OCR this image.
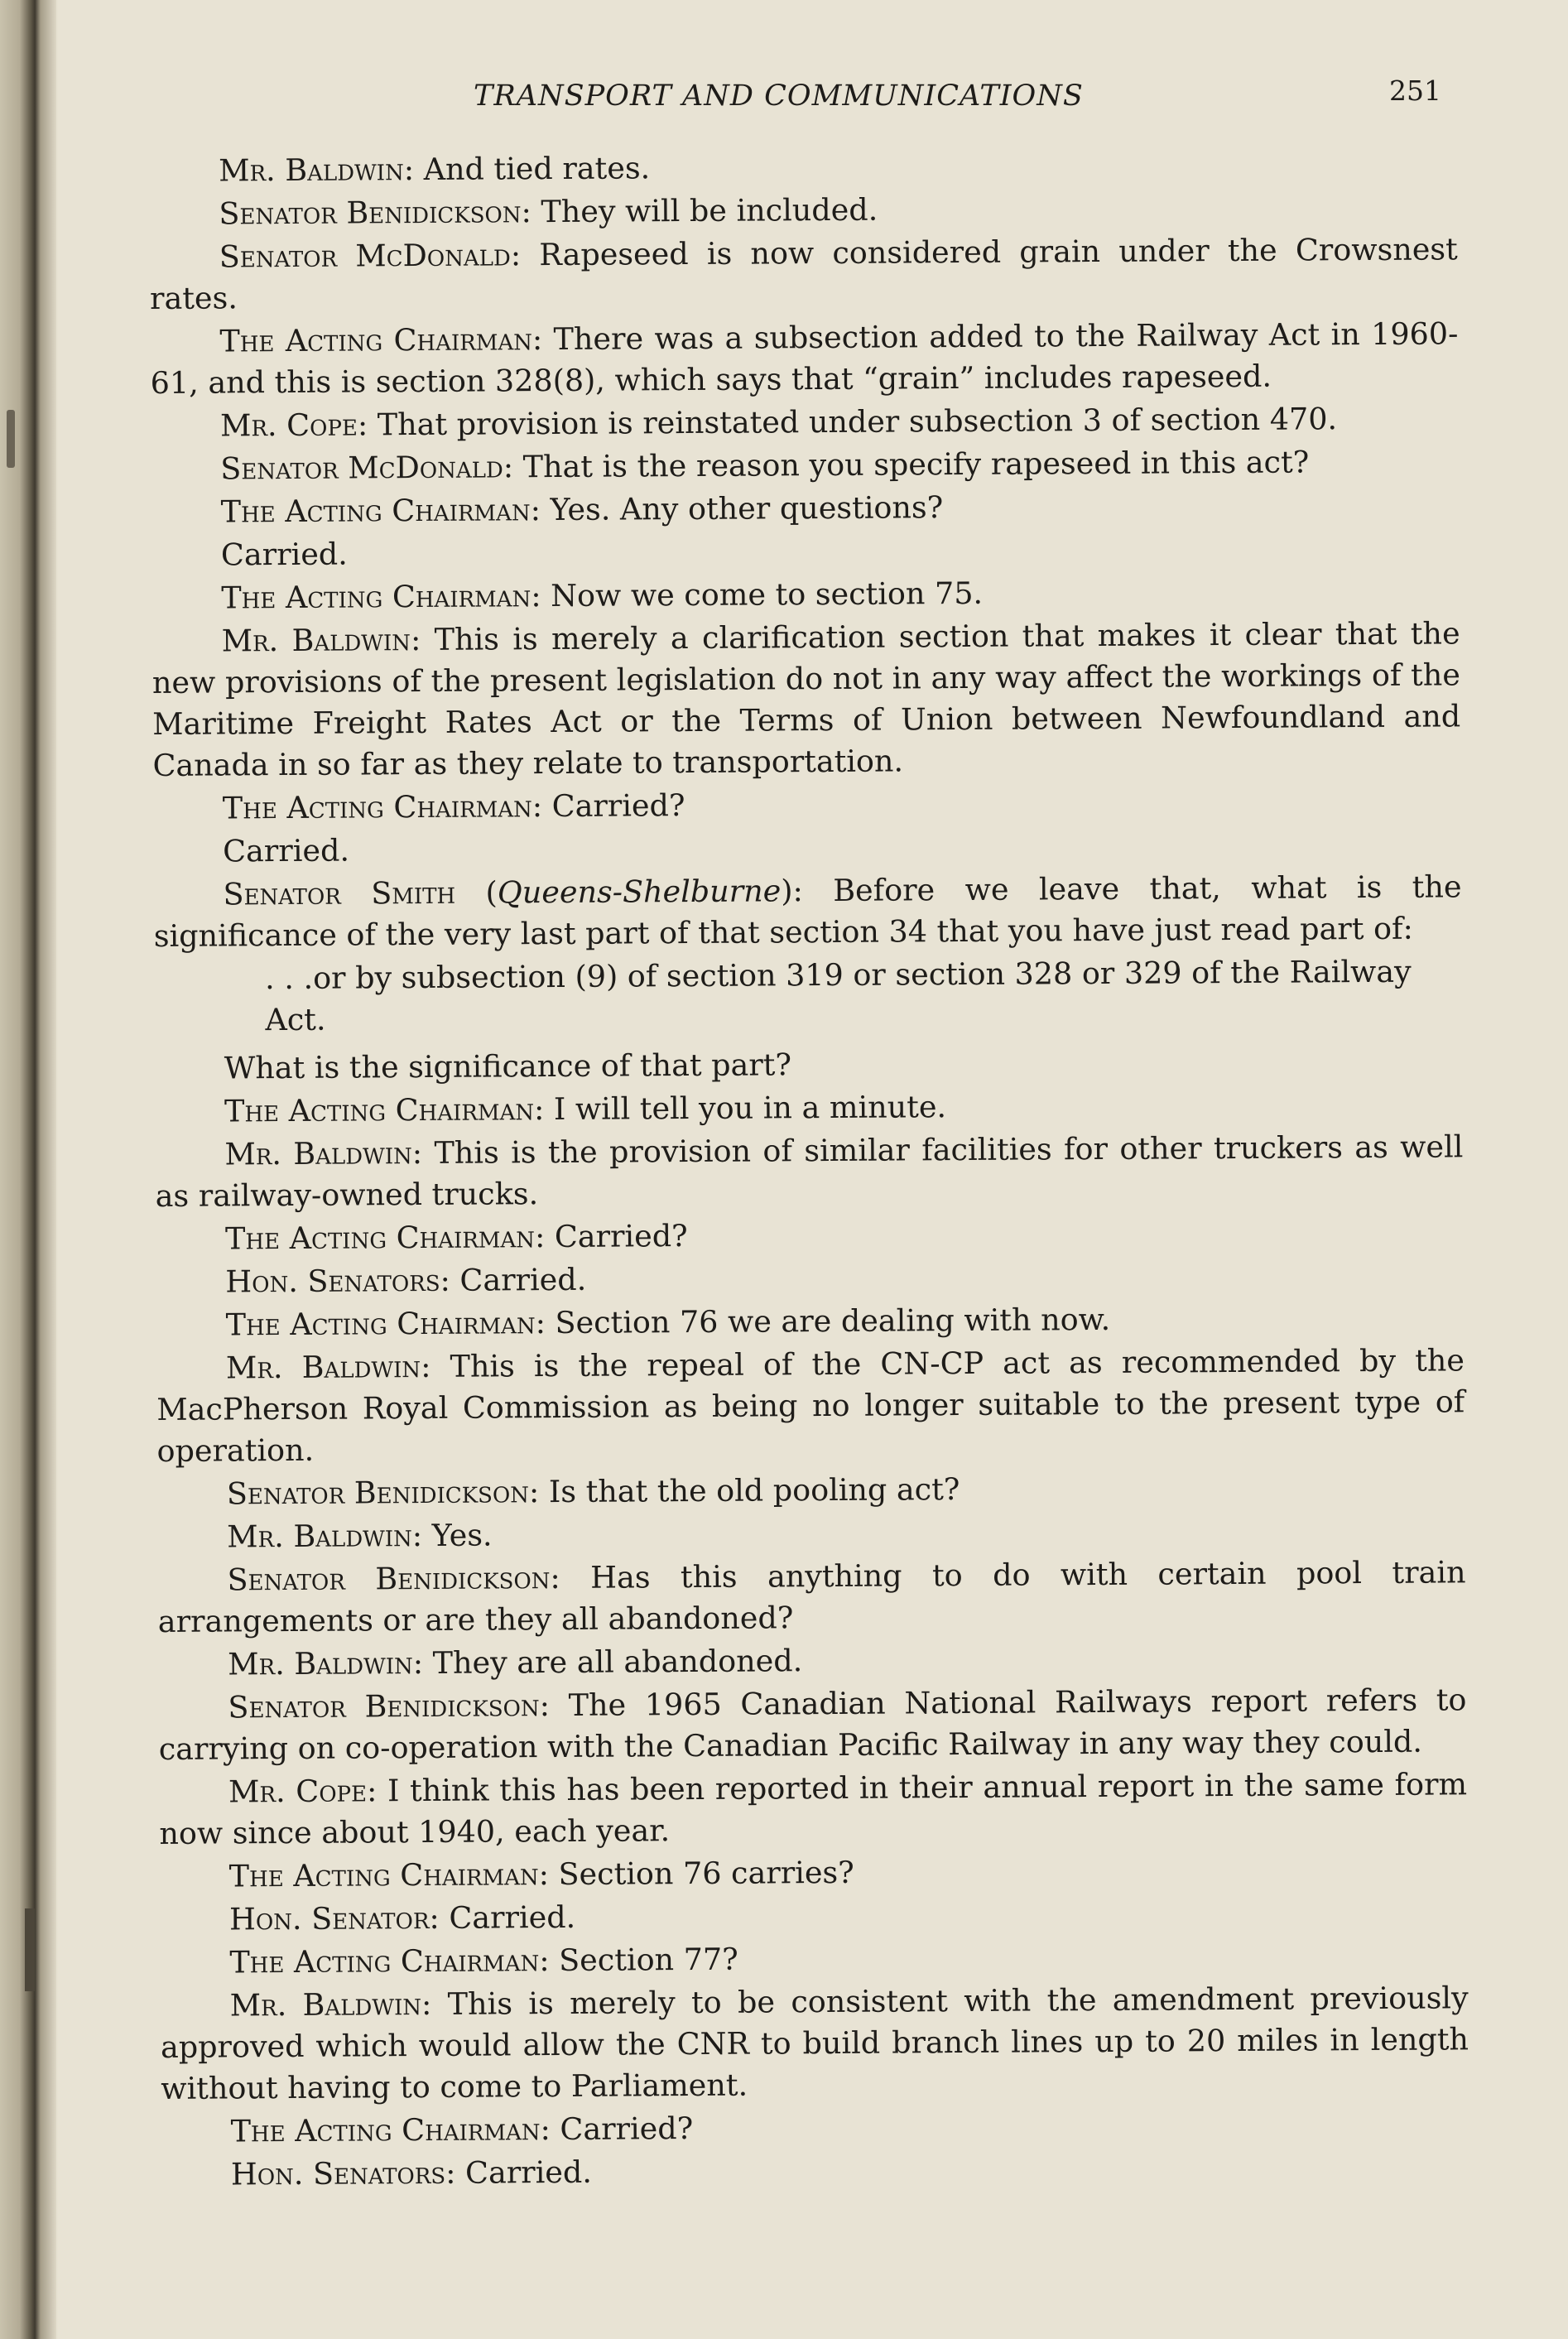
TRANSPORT AND COMMUNICATIONS	251

Mr. Baldwin: And tied rates.

Senator Benidickson: They will be included.

Senator McDonald: Rapeseed is now considered grain under the Crowsnest rates.

The Acting Chairman: There was a subsection added to the Railway Act in 1960-61, and this is section 328(8), which says that “grain” includes rapeseed.

Mr. Cope: That provision is reinstated under subsection 3 of section 470.

Senator McDonald: That is the reason you specify rapeseed in this act?

The Acting Chairman: Yes. Any other questions?

Carried.

The Acting Chairman: Now we come to section 75.

Mr. Baldwin: This is merely a clarification section that makes it clear that the new provisions of the present legislation do not in any way affect the workings of the Maritime Freight Rates Act or the Terms of Union between Newfoundland and Canada in so far as they relate to transportation.

The Acting Chairman: Carried?

Carried.

Senator Smith (Queens-Shelburne): Before we leave that, what is the significance of the very last part of that section 34 that you have just read part of:

. . .or by subsection (9) of section 319 or section 328 or 329 of the Railway Act.

What is the significance of that part?

The Acting Chairman: I will tell you in a minute.

Mr. Baldwin: This is the provision of similar facilities for other truckers as well as railway-owned trucks.

The Acting Chairman: Carried?

Hon. Senators: Carried.

The Acting Chairman: Section 76 we are dealing with now.

Mr. Baldwin: This is the repeal of the CN-CP act as recommended by the MacPherson Royal Commission as being no longer suitable to the present type of operation.

Senator Benidickson: Is that the old pooling act?

Mr. Baldwin: Yes.

Senator Benidickson: Has this anything to do with certain pool train arrangements or are they all abandoned?

Mr. Baldwin: They are all abandoned.

Senator Benidickson: The 1965 Canadian National Railways report refers to carrying on co-operation with the Canadian Pacific Railway in any way they could.

Mr. Cope: I think this has been reported in their annual report in the same form now since about 1940, each year.

The Acting Chairman: Section 76 carries?

Hon. Senator: Carried.

The Acting Chairman: Section 77?

Mr. Baldwin: This is merely to be consistent with the amendment previously approved which would allow the CNR to build branch lines up to 20 miles in length without having to come to Parliament.

The Acting Chairman: Carried?

Hon. Senators: Carried.
